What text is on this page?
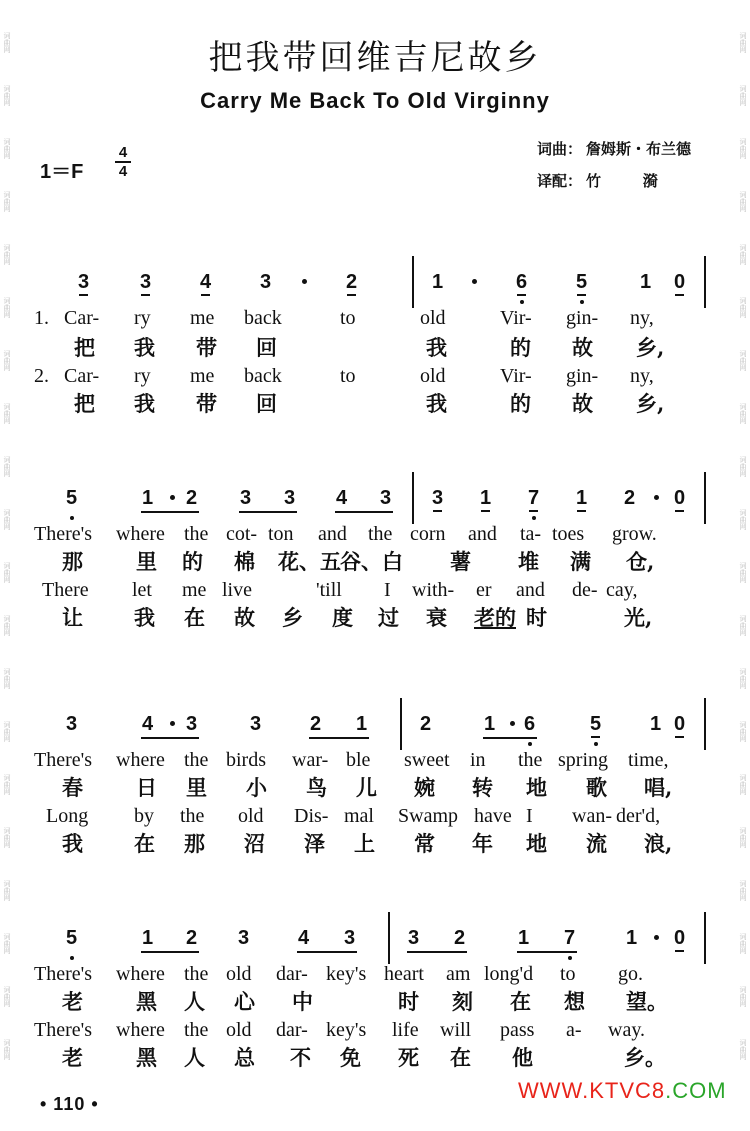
词曲网
词曲网
词曲网
词曲网
词曲网
词曲网
词曲网
词曲网
词曲网
词曲网
词曲网
词曲网
词曲网
词曲网
词曲网
词曲网
词曲网
词曲网
词曲网
词曲网
词曲网
词曲网
词曲网
词曲网
词曲网
词曲网
词曲网
词曲网
词曲网
词曲网
词曲网
词曲网
词曲网
词曲网
词曲网
词曲网
词曲网
词曲网
词曲网
词曲网
把我带回维吉尼故乡
Carry Me Back To Old Virginny
1＝F
4
4
词曲： 詹姆斯・布兰德
译配： 竹        漪
3	3 4 3	2	1	6 5	1 0
1. Car- ry me back	to	old	Vir- gin- ny,
把 我 带 回	我	的 故 乡,
2. Car- ry me back	to	old	Vir- gin- ny,
把 我 带 回	我	的 故 乡,
5	1 2 3 3 4 3 3 1 7 1 2 0
There's where the cot- ton and the corn and ta- toes grow.
那	里 的 棉 花、五 谷、白 薯 堆 满 仓,
There let me live	'till I with- er and de- cay,
让 我 在 故 乡 度 过 衰 老的 时	光,
3	4 3	3 2 1	2	1 6	5 1 0
There's where the birds war- ble sweet in the spring time,
春	日 里 小 鸟 儿 婉 转 地 歌 唱,
Long by the old Dis- mal Swamp have I wan- der'd,
我 在 那 沼 泽 上 常 年 地 流 浪,
5	1 2 3 4 3	3 2	1 7	1 0
There's where the old dar- key's heart am long'd to go.
老	黑 人 心 中	时 刻 在 想 望。
There's where the old dar- key's life will pass a- way.
老	黑 人 总 不 免 死 在 他	乡。
• 110 •
WWW.KTVC8.COM
